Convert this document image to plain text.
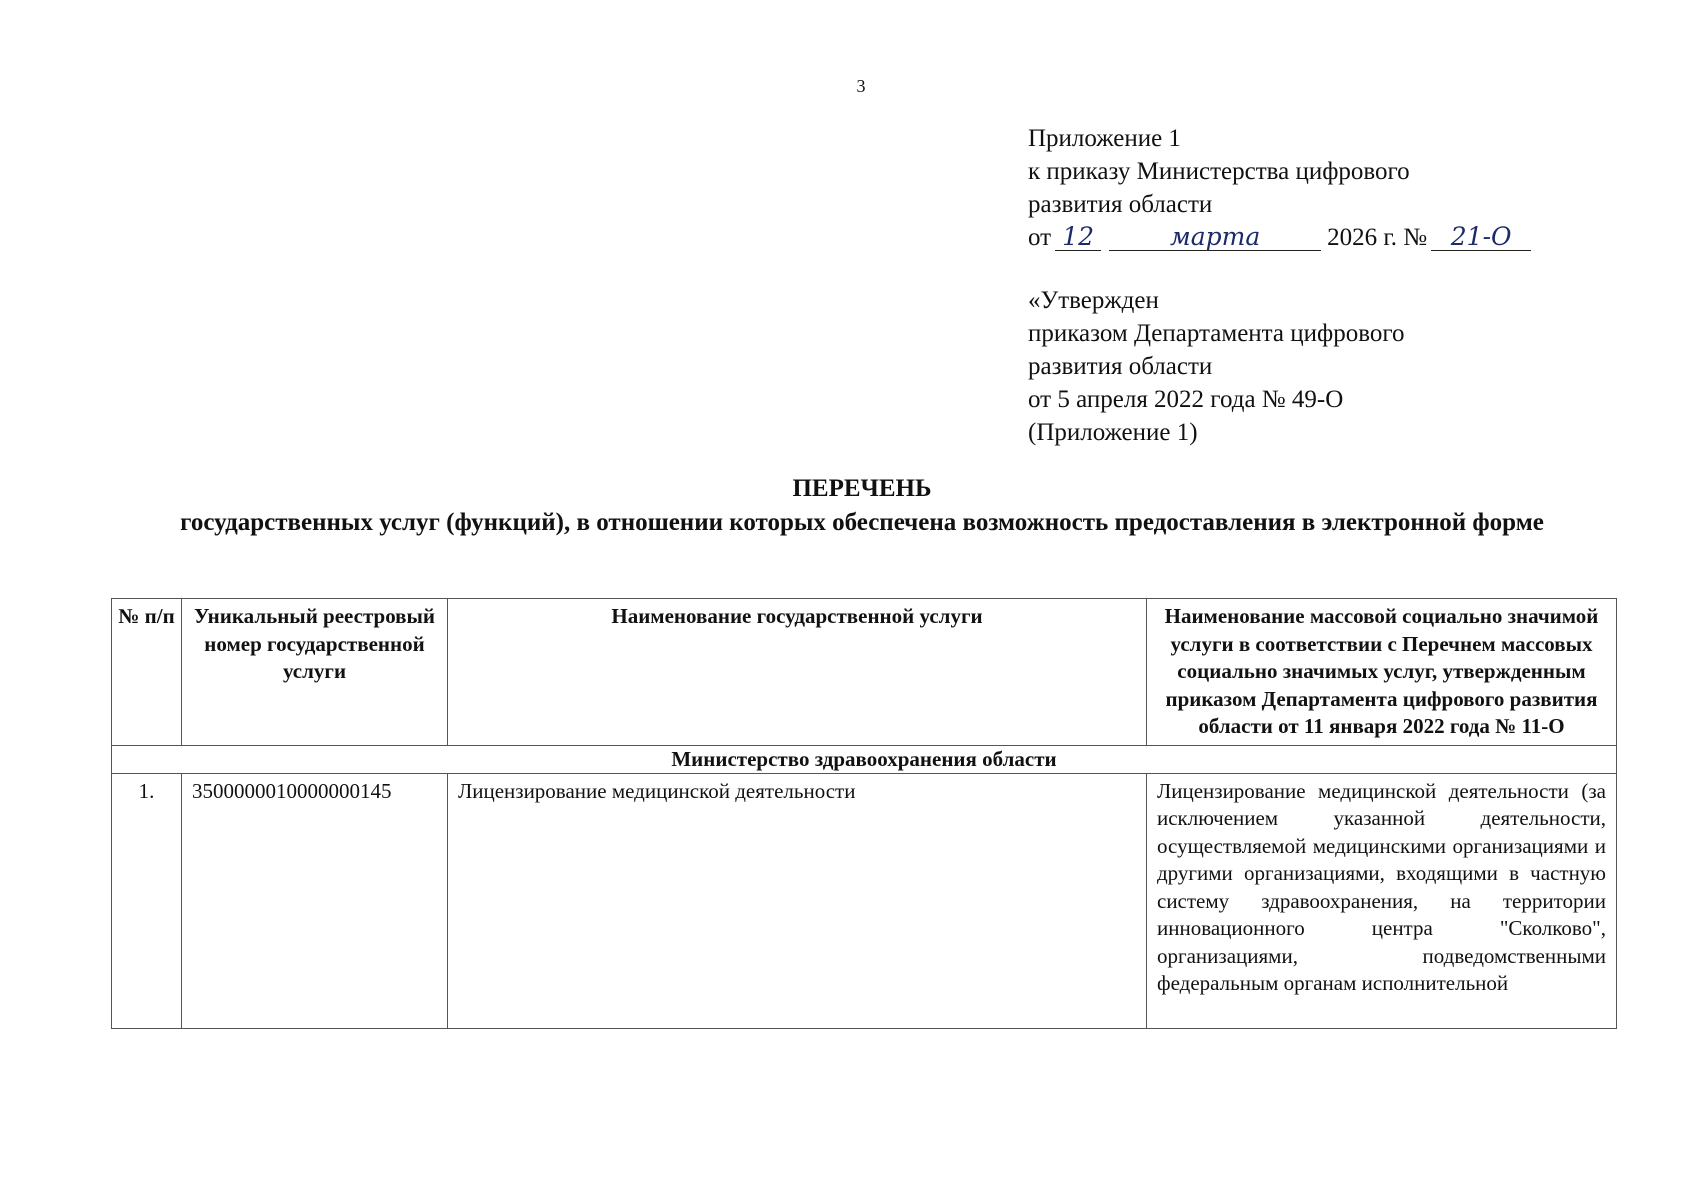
3
Приложение 1
к приказу Министерства цифрового
развития области
от 12	марта	2026 г. № 21-О
«Утвержден
приказом Департамента цифрового
развития области
от 5 апреля 2022 года № 49-О
(Приложение 1)
ПЕРЕЧЕНЬ
государственных услуг (функций), в отношении которых обеспечена возможность предоставления в электронной форме
№ п/п	Уникальный реестровый номер государственной услуги	Наименование государственной услуги	Наименование массовой социально значимой услуги в соответствии с Перечнем массовых социально значимых услуг, утвержденным приказом Департамента цифрового развития области от 11 января 2022 года № 11-О
Министерство здравоохранения области			
1.	3500000010000000145	Лицензирование медицинской деятельности	Лицензирование медицинской деятельности (за исключением указанной деятельности, осуществляемой медицинскими организациями и другими организациями, входящими в частную систему здравоохранения, на территории инновационного центра "Сколково", организациями, подведомственными федеральным органам исполнительной
